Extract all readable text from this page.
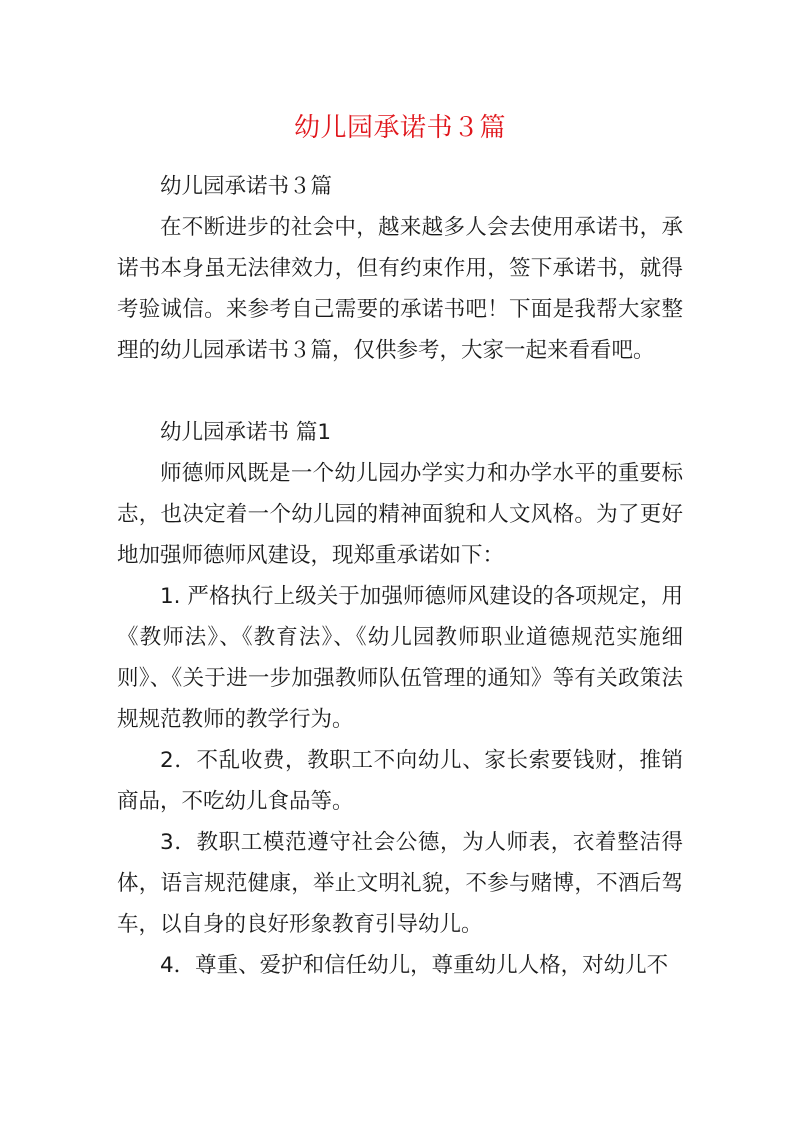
幼儿园承诺书３篇

幼儿园承诺书３篇

在不断进步的社会中，越来越多人会去使用承诺书，承诺书本身虽无法律效力，但有约束作用，签下承诺书，就得考验诚信。来参考自己需要的承诺书吧！下面是我帮大家整理的幼儿园承诺书３篇，仅供参考，大家一起来看看吧。

幼儿园承诺书 篇1

师德师风既是一个幼儿园办学实力和办学水平的重要标志，也决定着一个幼儿园的精神面貌和人文风格。为了更好地加强师德师风建设，现郑重承诺如下：

1. 严格执行上级关于加强师德师风建设的各项规定，用《教师法》、《教育法》、《幼儿园教师职业道德规范实施细则》、《关于进一步加强教师队伍管理的通知》等有关政策法规规范教师的教学行为。

2．不乱收费，教职工不向幼儿、家长索要钱财，推销商品，不吃幼儿食品等。

3．教职工模范遵守社会公德，为人师表，衣着整洁得体，语言规范健康，举止文明礼貌，不参与赌博，不酒后驾车，以自身的良好形象教育引导幼儿。

4．尊重、爱护和信任幼儿，尊重幼儿人格，对幼儿不
